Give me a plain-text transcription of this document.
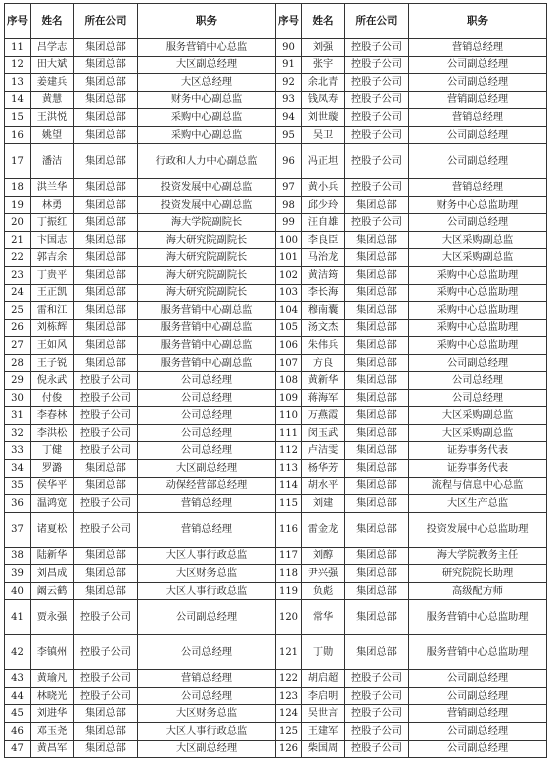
序号	姓名	所在公司	职务	序号	姓名	所在公司	职务
11	吕学志	集团总部	服务营销中心总监	90	刘强	控股子公司	营销总经理
12	田大斌	集团总部	大区副总经理	91	张宇	控股子公司	公司副总经理
13	姜建兵	集团总部	大区总经理	92	余北青	控股子公司	公司副总经理
14	黄慧	集团总部	财务中心副总监	93	钱凤寿	控股子公司	营销副总经理
15	王洪悦	集团总部	采购中心副总监	94	刘世璇	控股子公司	营销总经理
16	姚望	集团总部	采购中心副总监	95	吴卫	控股子公司	公司副总经理
17	潘洁	集团总部	行政和人力中心副总监	96	冯正坦	控股子公司	公司副总经理
18	洪兰华	集团总部	投资发展中心副总监	97	黄小兵	控股子公司	营销总经理
19	林勇	集团总部	投资发展中心副总监	98	邱少玲	集团总部	财务中心总监助理
20	丁振红	集团总部	海大学院副院长	99	汪自雄	控股子公司	公司副总经理
21	卞国志	集团总部	海大研究院副院长	100	李良臣	集团总部	大区采购副总监
22	郭吉余	集团总部	海大研究院副院长	101	马治龙	集团总部	大区采购副总监
23	丁贵平	集团总部	海大研究院副院长	102	黄洁筠	集团总部	采购中心总监助理
24	王正凯	集团总部	海大研究院副院长	103	李长海	集团总部	采购中心总监助理
25	雷和江	集团总部	服务营销中心副总监	104	穆南囊	集团总部	采购中心总监助理
26	刘栋辉	集团总部	服务营销中心副总监	105	汤文杰	集团总部	采购中心总监助理
27	王如风	集团总部	服务营销中心副总监	106	朱伟兵	集团总部	采购中心总监助理
28	王子锐	集团总部	服务营销中心副总监	107	方良	集团总部	公司副总经理
29	倪永武	控股子公司	公司总经理	108	黄新华	集团总部	公司总经理
30	付俊	控股子公司	公司总经理	109	蒋海军	集团总部	公司总经理
31	李春林	控股子公司	公司总经理	110	万燕霞	集团总部	大区采购副总监
32	李洪松	控股子公司	公司总经理	111	闵玉武	集团总部	大区采购副总监
33	丁健	控股子公司	公司总经理	112	卢洁雯	集团总部	证券事务代表
34	罗潞	集团总部	大区副总经理	113	杨华芳	集团总部	证券事务代表
35	侯华平	集团总部	动保经营部总经理	114	胡水平	集团总部	流程与信息中心总监
36	温鸿宽	控股子公司	营销总经理	115	刘建	集团总部	大区生产总监
37	诸夏松	控股子公司	营销总经理	116	雷金龙	集团总部	投资发展中心总监助理
38	陆新华	集团总部	大区人事行政总监	117	刘醇	集团总部	海大学院教务主任
39	刘昌成	集团总部	大区财务总监	118	尹兴强	集团总部	研究院院长助理
40	阚云鹤	集团总部	大区人事行政总监	119	负彪	集团总部	高级配方师
41	贾永强	控股子公司	公司副总经理	120	常华	集团总部	服务营销中心总监助理
42	李镇州	控股子公司	公司总经理	121	丁勋	集团总部	服务营销中心总监助理
43	黄瑜凡	控股子公司	营销总经理	122	胡启超	控股子公司	公司副总经理
44	林晓光	控股子公司	公司总经理	123	李启明	控股子公司	公司副总经理
45	刘进华	集团总部	大区财务总监	124	吴世言	控股子公司	营销副总经理
46	邓玉尧	集团总部	大区人事行政总监	125	王建军	控股子公司	公司副总经理
47	黄昌军	集团总部	大区副总经理	126	柴国周	控股子公司	公司副总经理
